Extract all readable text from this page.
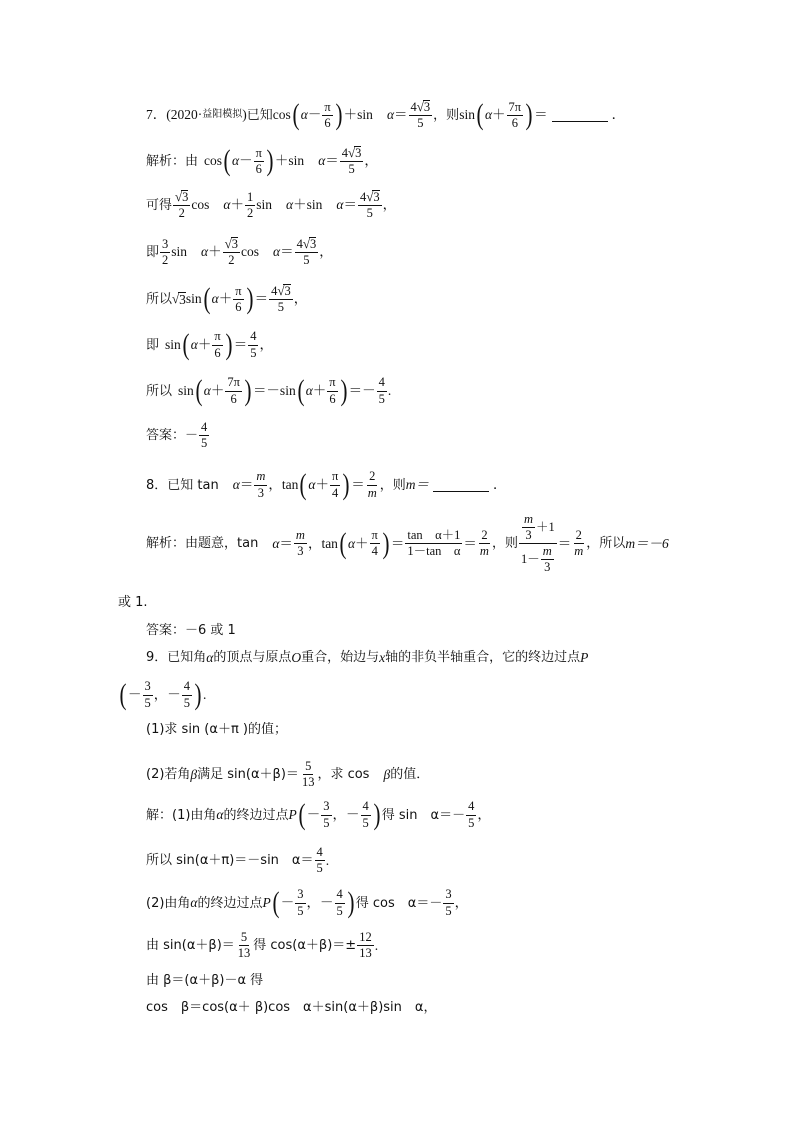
7． (2020· 益阳模拟 ) 已知 cos ( $\alpha - \frac{\pi}{6}$ ) ＋sin $\alpha = \frac{4 √ 3}{5}$ ，则 sin ( $\alpha + \frac{7\pi}{6}$ ) ＝	．
解析：由 cos ( $\alpha - \frac{\pi}{6}$ ) ＋sin $\alpha = \frac{4 √ 3}{5}$ ，
可得 $\frac{√ 3}{2}$ $\cos \alpha + \frac{1}{2}$ sin α ＋sin $\alpha = \frac{4 √ 3}{5}$ ，
即 $\frac{3}{2}$ $\sin \alpha + \frac{√ 3}{2}$ $\cos \alpha = \frac{4 √ 3}{5}$ ，
所以 √ 3 sin ( $\alpha + \frac{\pi}{6}$ ) ＝ $\frac{4 √ 3}{5}$ ，
即 sin ( $\alpha + \frac{\pi}{6}$ ) ＝ $\frac{4}{5}$ ，
所以 sin ( $\alpha + \frac{7\pi}{6}$ ) ＝－sin ( $\alpha + \frac{\pi}{6}$ ) ＝－ $\frac{4}{5}$ .
答案：－ $\frac{4}{5}$
8．已知 $\tan \alpha = \frac{m}{3}$ ， tan ( $\alpha + \frac{\pi}{4}$ ) ＝ $\frac{2}{m}$ ，则 m＝	．
解析：由题意，$\tan \alpha = \frac{m}{3}$ ， tan ( $\alpha + \frac{\pi}{4}$ ) ＝ $\frac{\text{tan　α＋1}}{\text{1－tan　α}} = \frac{2}{m}$ ，则 $\frac{\frac{m}{3} +1}{1- \frac{m}{3}} = \frac{2}{m}$ ，所以 m＝－6
或 1.
答案：－6 或 1
9．已知角 α 的顶点与原点 O 重合，始边与 x 轴的非负半轴重合，它的终边过点 P
( － $\frac{3}{5}$ ， － $\frac{4}{5}$ ) .
(1)求 sin (α＋π )的值；
(2)若角 β 满足 $\sin(\alpha+\beta)= \frac{5}{13}$ ，求 cos β 的值．
解：(1)由角 α 的终边过点 P ( － $\frac{3}{5}$ ， － $\frac{4}{5}$ ) 得 sin　$\alpha=- \frac{4}{5}$ ，
所以 sin(α＋π)＝－sin　$\alpha= \frac{4}{5}$ .
(2)由角 α 的终边过点 P ( － $\frac{3}{5}$ ， － $\frac{4}{5}$ ) 得 cos　$\alpha=- \frac{3}{5}$ ，
由 $\sin(\alpha+\beta)= \frac{5}{13}$ 得 $\cos(\alpha+\beta)=\pm \frac{12}{13}$ .
由 β＝(α＋β)－α 得
cos　β＝cos(α＋ β)cos　α＋sin(α＋β)sin　α，
